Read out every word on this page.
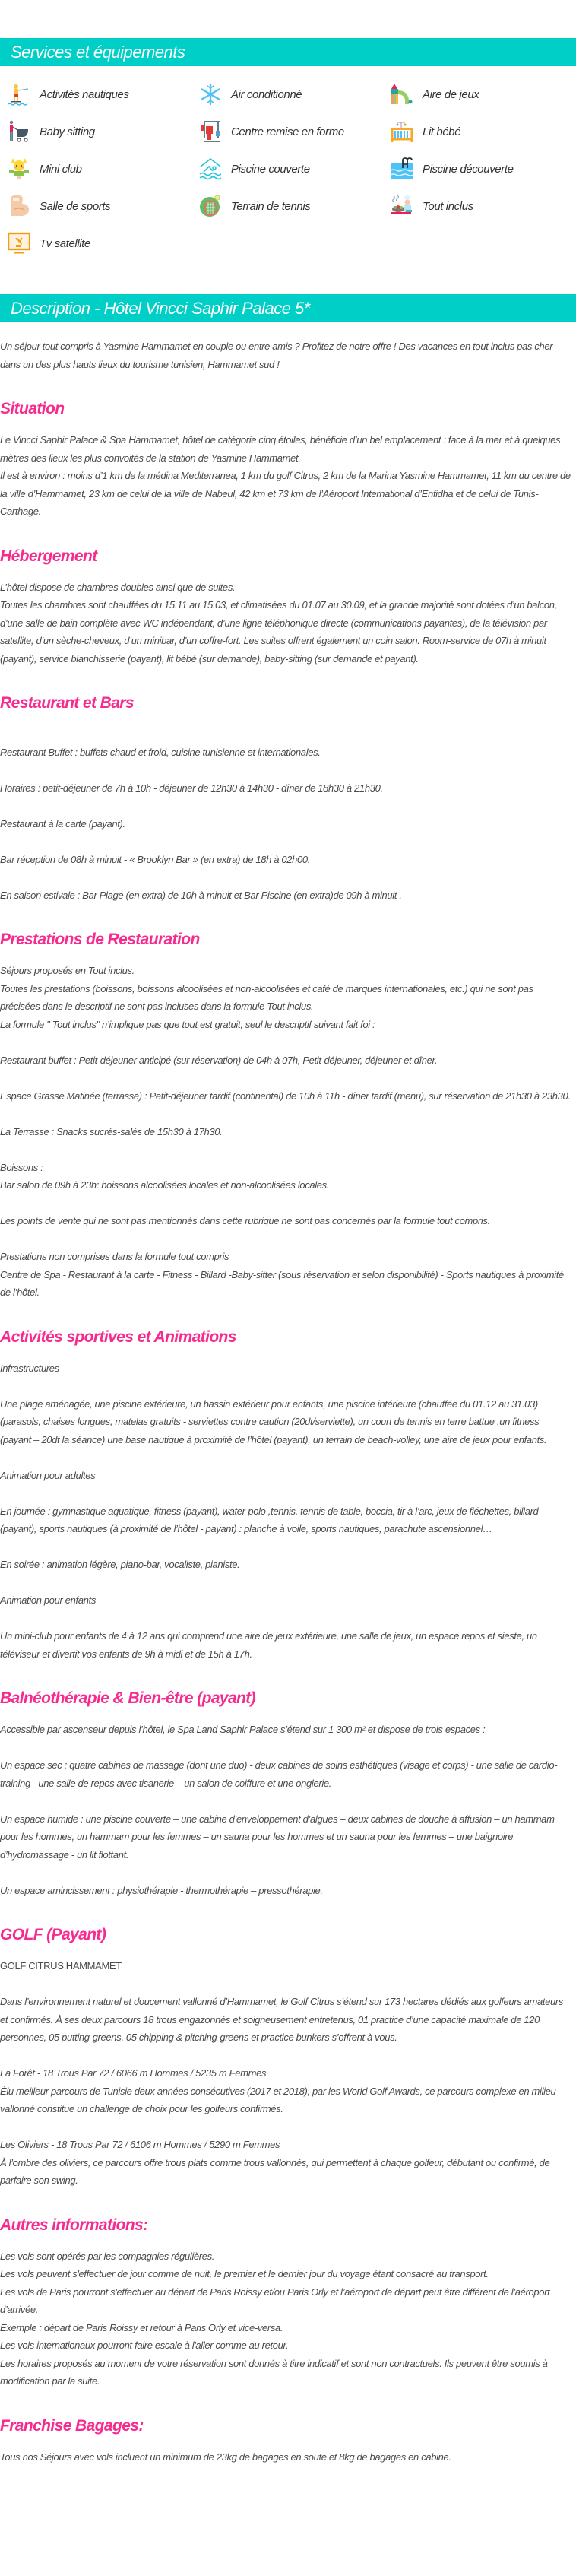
Services et équipements
Activités nautiques	Air conditionné	Aire de jeux
Baby sitting	Centre remise en forme	Lit bébé
Mini club	Piscine couverte	Piscine découverte
Salle de sports	Terrain de tennis	Tout inclus
Tv satellite
Description - Hôtel Vincci Saphir Palace 5*

Un séjour tout compris à Yasmine Hammamet en couple ou entre amis ? Profitez de notre offre ! Des vacances en tout inclus pas cher dans un des plus hauts lieux du tourisme tunisien, Hammamet sud !

Situation

Le Vincci Saphir Palace & Spa Hammamet, hôtel de catégorie cinq étoiles, bénéficie d’un bel emplacement : face à la mer et à quelques mètres des lieux les plus convoités de la station de Yasmine Hammamet.

Il est à environ : moins d’1 km de la médina Mediterranea, 1 km du golf Citrus, 2 km de la Marina Yasmine Hammamet, 11 km du centre de la ville d’Hammamet, 23 km de celui de la ville de Nabeul, 42 km et 73 km de l’Aéroport International d’Enfidha et de celui de Tunis-Carthage.

Hébergement

L’hôtel dispose de chambres doubles ainsi que de suites.

Toutes les chambres sont chauffées du 15.11 au 15.03, et climatisées du 01.07 au 30.09, et la grande majorité sont dotées d’un balcon, d’une salle de bain complète avec WC indépendant, d’une ligne téléphonique directe (communications payantes), de la télévision par satellite, d’un sèche-cheveux, d’un minibar, d’un coffre-fort. Les suites offrent également un coin salon. Room-service de 07h à minuit (payant), service blanchisserie (payant), lit bébé (sur demande), baby-sitting (sur demande et payant).

Restaurant et Bars

Restaurant Buffet : buffets chaud et froid, cuisine tunisienne et internationales.

Horaires : petit-déjeuner de 7h à 10h - déjeuner de 12h30 à 14h30 - dîner de 18h30 à 21h30.

Restaurant à la carte (payant).

Bar réception de 08h à minuit - « Brooklyn Bar » (en extra) de 18h à 02h00.

En saison estivale : Bar Plage (en extra) de 10h à minuit et Bar Piscine (en extra)de 09h à minuit .

Prestations de Restauration

Séjours proposés en Tout inclus.

Toutes les prestations (boissons, boissons alcoolisées et non-alcoolisées et café de marques internationales, etc.) qui ne sont pas précisées dans le descriptif ne sont pas incluses dans la formule Tout inclus.

La formule " Tout inclus" n’implique pas que tout est gratuit, seul le descriptif suivant fait foi :

Restaurant buffet : Petit-déjeuner anticipé (sur réservation) de 04h à 07h, Petit-déjeuner, déjeuner et dîner.

Espace Grasse Matinée (terrasse) : Petit-déjeuner tardif (continental) de 10h à 11h - dîner tardif (menu), sur réservation de 21h30 à 23h30.

La Terrasse : Snacks sucrés-salés de 15h30 à 17h30.

Boissons :

Bar salon de 09h à 23h: boissons alcoolisées locales et non-alcoolisées locales.

Les points de vente qui ne sont pas mentionnés dans cette rubrique ne sont pas concernés par la formule tout compris.

Prestations non comprises dans la formule tout compris

Centre de Spa - Restaurant à la carte - Fitness - Billard -Baby-sitter (sous réservation et selon disponibilité) - Sports nautiques à proximité de l’hôtel.

Activités sportives et Animations

Infrastructures

Une plage aménagée, une piscine extérieure, un bassin extérieur pour enfants, une piscine intérieure (chauffée du 01.12 au 31.03) (parasols, chaises longues, matelas gratuits - serviettes contre caution (20dt/serviette), un court de tennis en terre battue ,un fitness (payant – 20dt la séance) une base nautique à proximité de l’hôtel (payant), un terrain de beach-volley, une aire de jeux pour enfants.

Animation pour adultes

En journée : gymnastique aquatique, fitness (payant), water-polo ,tennis, tennis de table, boccia, tir à l’arc, jeux de fléchettes, billard (payant), sports nautiques (à proximité de l’hôtel - payant) : planche à voile, sports nautiques, parachute ascensionnel…

En soirée : animation légère, piano-bar, vocaliste, pianiste.

Animation pour enfants

Un mini-club pour enfants de 4 à 12 ans qui comprend une aire de jeux extérieure, une salle de jeux, un espace repos et sieste, un téléviseur et divertit vos enfants de 9h à midi et de 15h à 17h.

Balnéothérapie & Bien-être (payant)

Accessible par ascenseur depuis l’hôtel, le Spa Land Saphir Palace s’étend sur 1 300 m² et dispose de trois espaces :

Un espace sec : quatre cabines de massage (dont une duo) - deux cabines de soins esthétiques (visage et corps) - une salle de cardio-training - une salle de repos avec tisanerie – un salon de coiffure et une onglerie.

Un espace humide : une piscine couverte – une cabine d’enveloppement d’algues – deux cabines de douche à affusion – un hammam pour les hommes, un hammam pour les femmes – un sauna pour les hommes et un sauna pour les femmes – une baignoire d’hydromassage - un lit flottant.

Un espace amincissement : physiothérapie - thermothérapie – pressothérapie.

GOLF (Payant)

GOLF CITRUS HAMMAMET

Dans l’environnement naturel et doucement vallonné d’Hammamet, le Golf Citrus s’étend sur 173 hectares dédiés aux golfeurs amateurs et confirmés. À ses deux parcours 18 trous engazonnés et soigneusement entretenus, 01 practice d’une capacité maximale de 120 personnes, 05 putting-greens, 05 chipping & pitching-greens et practice bunkers s’offrent à vous.

La Forêt - 18 Trous Par 72 / 6066 m Hommes / 5235 m Femmes

Élu meilleur parcours de Tunisie deux années consécutives (2017 et 2018), par les World Golf Awards, ce parcours complexe en milieu vallonné constitue un challenge de choix pour les golfeurs confirmés.

Les Oliviers - 18 Trous Par 72 / 6106 m Hommes / 5290 m Femmes

À l’ombre des oliviers, ce parcours offre trous plats comme trous vallonnés, qui permettent à chaque golfeur, débutant ou confirmé, de parfaire son swing.

Autres informations:

Les vols sont opérés par les compagnies régulières.

Les vols peuvent s'effectuer de jour comme de nuit, le premier et le dernier jour du voyage étant consacré au transport.

Les vols de Paris pourront s'effectuer au départ de Paris Roissy et/ou Paris Orly et l’aéroport de départ peut être différent de l’aéroport d’arrivée.

Exemple : départ de Paris Roissy et retour à Paris Orly et vice-versa.

Les vols internationaux pourront faire escale à l'aller comme au retour.

Les horaires proposés au moment de votre réservation sont donnés à titre indicatif et sont non contractuels. Ils peuvent être soumis à modification par la suite.

Franchise Bagages:

Tous nos Séjours avec vols incluent un minimum de 23kg de bagages en soute et 8kg de bagages en cabine.
